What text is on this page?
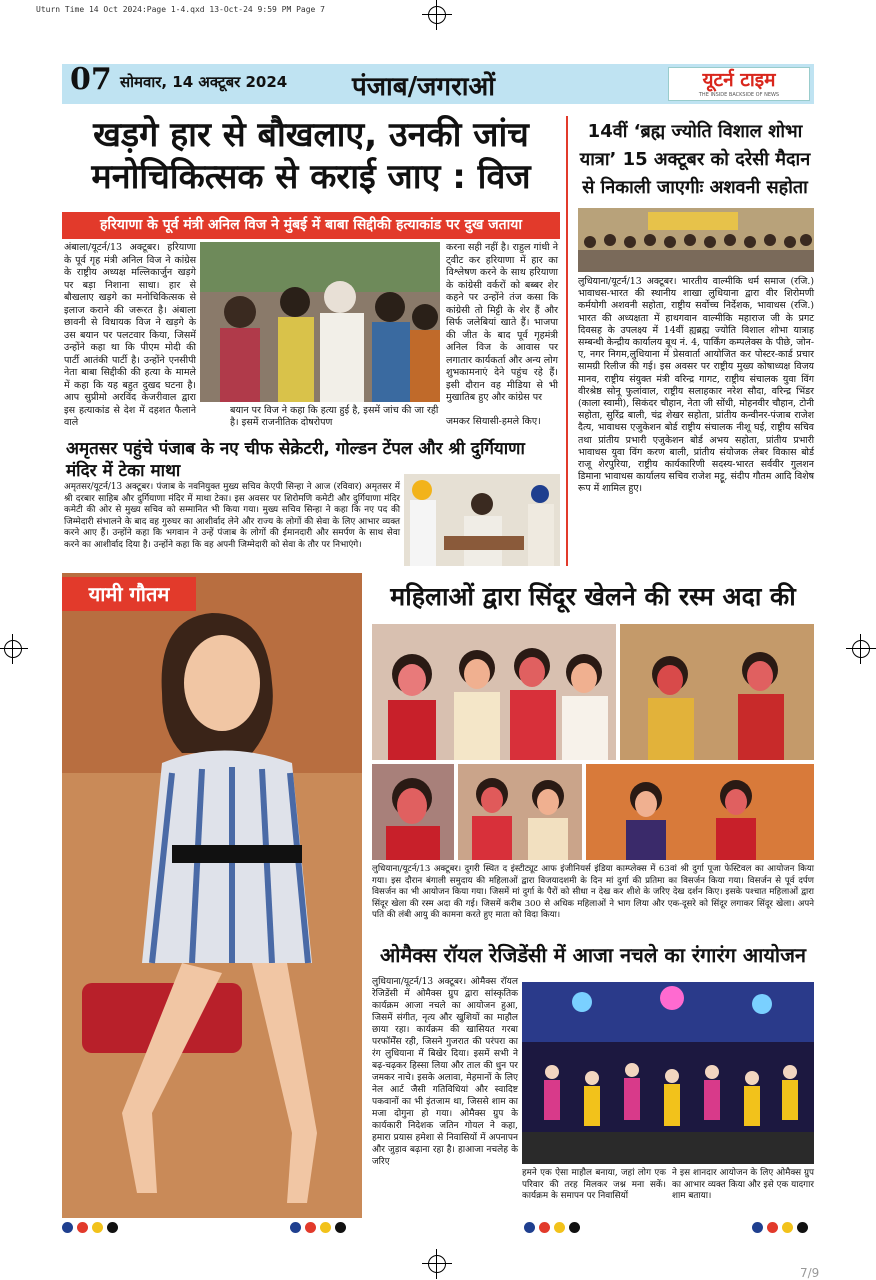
Uturn Time 14 Oct 2024:Page 1-4.qxd 13-Oct-24 9:59 PM Page 7
07 सोमवार, 14 अक्टूबर 2024 पंजाब/जगराओं	यूटर्न टाइम
THE INSIDE BACKSIDE OF NEWS
खड़गे हार से बौखलाए, उनकी जांच मनोचिकित्सक से कराई जाए : विज
हरियाणा के पूर्व मंत्री अनिल विज ने मुंबई में बाबा सिद्दीकी हत्याकांड पर दुख जताया
अंबाला/यूटर्न/13 अक्टूबर। हरियाणा के पूर्व गृह मंत्री अनिल विज ने कांग्रेस के राष्ट्रीय अध्यक्ष मल्लिकार्जुन खड़गे पर बड़ा निशाना साधा। हार से बौखलाए खड़गे का मनोचिकित्सक से इलाज कराने की जरूरत है। अंबाला छावनी से विधायक विज ने खड़गे के उस बयान पर पलटवार किया, जिसमें उन्होंने कहा था कि पीएम मोदी की पार्टी आतंकी पार्टी है। उन्होंने एनसीपी नेता बाबा सिद्दीकी की हत्या के मामले में कहा कि यह बहुत दुखद घटना है। आप सुप्रीमो अरविंद केजरीवाल द्वारा इस हत्याकांड से देश में दहशत फैलाने वाले
बयान पर विज ने कहा कि हत्या हुई है, इसमें जांच की जा रही है। इसमें राजनीतिक दोषरोपण
करना सही नहीं है। राहुल गांधी ने ट्वीट कर हरियाणा में हार का विश्लेषण करने के साथ हरियाणा के कांग्रेसी वर्करों को बब्बर शेर कहने पर उन्होंने तंज कसा कि कांग्रेसी तो मिट्टी के शेर हैं और सिर्फ जलेबियां खाते हैं। भाजपा की जीत के बाद पूर्व गृहमंत्री अनिल विज के आवास पर लगातार कार्यकर्ता और अन्य लोग शुभकामनाएं देने पहुंच रहे हैं। इसी दौरान वह मीडिया से भी मुखातिब हुए और कांग्रेस पर
जमकर सियासी-हमले किए।
अमृतसर पहुंचे पंजाब के नए चीफ सेक्रेटरी, गोल्डन टेंपल और श्री दुर्गियाणा मंदिर में टेका माथा
अमृतसर/यूटर्न/13 अक्टूबर। पंजाब के नवनियुक्त मुख्य सचिव केएपी सिन्हा ने आज (रविवार) अमृतसर में श्री दरबार साहिब और दुर्गियाणा मंदिर में माथा टेका। इस अवसर पर शिरोमणि कमेटी और दुर्गियाणा मंदिर कमेटी की ओर से मुख्य सचिव को सम्मानित भी किया गया। मुख्य सचिव सिन्हा ने कहा कि नए पद की जिम्मेदारी संभालने के बाद वह गुरुघर का आशीर्वाद लेने और राज्य के लोगों की सेवा के लिए आभार व्यक्त करने आए हैं। उन्होंने कहा कि भगवान ने उन्हें पंजाब के लोगों की ईमानदारी और समर्पण के साथ सेवा करने का आशीर्वाद दिया है। उन्होंने कहा कि वह अपनी जिम्मेदारी को सेवा के तौर पर निभाएंगे।
14वीं ‘ब्रह्म ज्योति विशाल शोभा यात्रा’ 15 अक्टूबर को दरेसी मैदान से निकाली जाएगीः अशवनी सहोता
लुधियाना/यूटर्न/13 अक्टूबर। भारतीय वाल्मीकि धर्म समाज (रजि.) भावाधस-भारत की स्थानीय शाखा लुधियाना द्वारा वीर शिरोमणी कर्मयोगी अशवनी सहोता, राष्ट्रीय सर्वोच्च निर्देशक, भावाधस (रजि.) भारत की अध्यक्षता में हाथगवान वाल्मीकि महाराज जी के प्रगट दिवसह के उपलक्ष्य में 14वीं ह्यब्रह्म ज्योति विशाल शोभा यात्राह सम्बन्धी केन्द्रीय कार्यालय बूथ नं. 4, पार्किंग कम्पलेक्स के पीछे, जोन-ए, नगर निगम,लुधियाना में प्रेसवार्ता आयोजित कर पोस्टर-कार्ड प्रचार सामग्री रिलीज की गई। इस अवसर पर राष्ट्रीय मुख्य कोषाध्यक्ष विजय मानव, राष्ट्रीय संयुक्त मंत्री वरिन्द्र गागट, राष्ट्रीय संचालक युवा विंग वीरश्रेष्ठ सोनू फुलांवाल, राष्ट्रीय सलाहकार नरेश सौदा, वरिन्द्र भिंडर (काला स्वामी), सिकंदर चौहान, नेता जी सोंधी, मोहनवीर चौहान, टोनी सहोता, सुरिंद्र बाली, चंद्र शेखर सहोता, प्रांतीय कन्वीनर-पंजाब राजेश दैत्य, भावाधस एजुकेशन बोर्ड राष्ट्रीय संचालक नीशू घई, राष्ट्रीय सचिव तथा प्रांतीय प्रभारी एजुकेशन बोर्ड अभय सहोता, प्रांतीय प्रभारी भावाधस युवा विंग करण बाली, प्रांतीय संयोजक लेबर विकास बोर्ड राजू शेरपुरिया, राष्ट्रीय कार्यकारिणी सदस्य-भारत सर्ववीर गुलशन डिमाना भावाधस कार्यालय सचिव राजेश मट्टू, संदीप गौतम आदि विशेष रूप में शामिल हुए।
यामी गौतम	महिलाओं द्वारा सिंदूर खेलने की रस्म अदा की
लुधियाना/यूटर्न/13 अक्टूबर। दुगरी स्थित द इंस्टीट्यूट आफ इंजीनियर्स इंडिया काम्प्लेक्स में 63वां श्री दुर्गा पूजा फेस्टिवल का आयोजन किया गया। इस दौरान बंगाली समुदाय की महिलाओं द्वारा विजयादशमी के दिन मां दुर्गा की प्रतिमा का विसर्जन किया गया। विसर्जन से पूर्व दर्पण विसर्जन का भी आयोजन किया गया। जिसमें मां दुर्गा के पैरों को सीधा न देख कर शीशे के जरिए देख दर्शन किए। इसके पश्चात महिलाओं द्वारा सिंदूर खेला की रस्म अदा की गई। जिसमें करीब 300 से अधिक महिलाओं ने भाग लिया और एक-दूसरे को सिंदूर लगाकर सिंदूर खेला। अपने पति की लंबी आयु की कामना करते हुए माता को विदा किया।
ओमैक्स रॉयल रेजिडेंसी में आजा नचले का रंगारंग आयोजन
लुधियाना/यूटर्न/13 अक्टूबर। ओमैक्स रॉयल रेजिडेंसी में ओमैक्स ग्रुप द्वारा सांस्कृतिक कार्यक्रम आजा नचले का आयोजन हुआ, जिसमें संगीत, नृत्य और खुशियों का माहौल छाया रहा। कार्यक्रम की खासियत गरबा परफॉर्मेंस रही, जिसने गुजरात की परंपरा का रंग लुधियाना में बिखेर दिया। इसमें सभी ने बढ़-चढ़कर हिस्सा लिया और ताल की धुन पर जमकर नाचे। इसके अलावा, मेहमानों के लिए नेल आर्ट जैसी गतिविधियां और स्वादिष्ट पकवानों का भी इंतजाम था, जिससे शाम का मजा दोगुना हो गया। ओमैक्स ग्रुप के कार्यकारी निदेशक जतिन गोयल ने कहा, हमारा प्रयास हमेशा से निवासियों में अपनापन और जुड़ाव बढ़ाना रहा है। हाआजा नचलेह के जरिए
हमने एक ऐसा माहौल बनाया, जहां लोग एक परिवार की तरह मिलकर जश्न मना सकें। कार्यक्रम के समापन पर निवासियों
ने इस शानदार आयोजन के लिए ओमैक्स ग्रुप का आभार व्यक्त किया और इसे एक यादगार शाम बताया।
7/9
